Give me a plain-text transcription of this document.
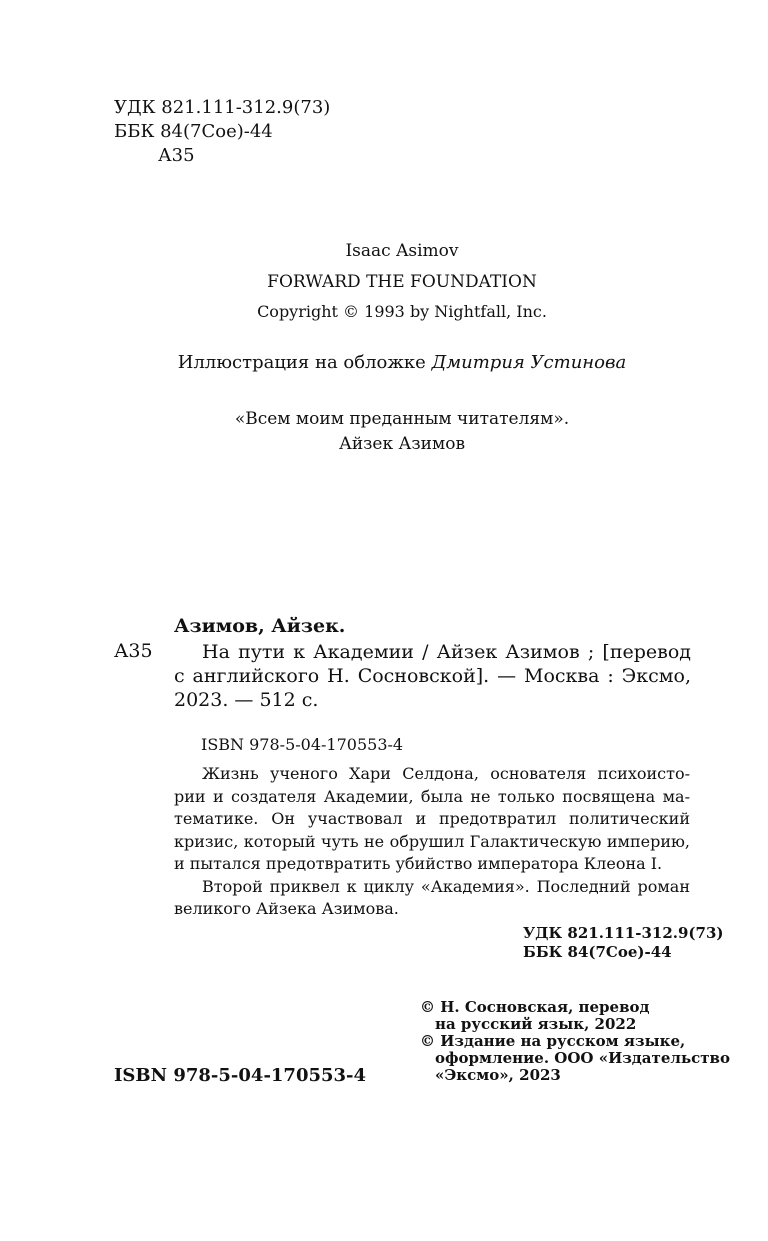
УДК 821.111-312.9(73)
ББК 84(7Сое)-44
А35
Isaac Asimov
FORWARD THE FOUNDATION
Copyright © 1993 by Nightfall, Inc.
Иллюстрация на обложке Дмитрия Устинова
«Всем моим преданным читателям».
Айзек Азимов
Азимов, Айзек.
А35	На пути к Академии / Айзек Азимов ; [перевод
с английского Н. Сосновской]. — Москва : Эксмо,
2023. — 512 с.
ISBN 978-5-04-170553-4
Жизнь ученого Хари Селдона, основателя психоисто-
рии и создателя Академии, была не только посвящена ма-
тематике. Он участвовал и предотвратил политический
кризис, который чуть не обрушил Галактическую империю,
и пытался предотвратить убийство императора Клеона I.
Второй приквел к циклу «Академия». Последний роман
великого Айзека Азимова.
УДК 821.111-312.9(73)
ББК 84(7Сое)-44
ISBN 978-5-04-170553-4
© Н. Сосновская, перевод
на русский язык, 2022
© Издание на русском языке,
оформление. ООО «Издательство
«Эксмо», 2023
